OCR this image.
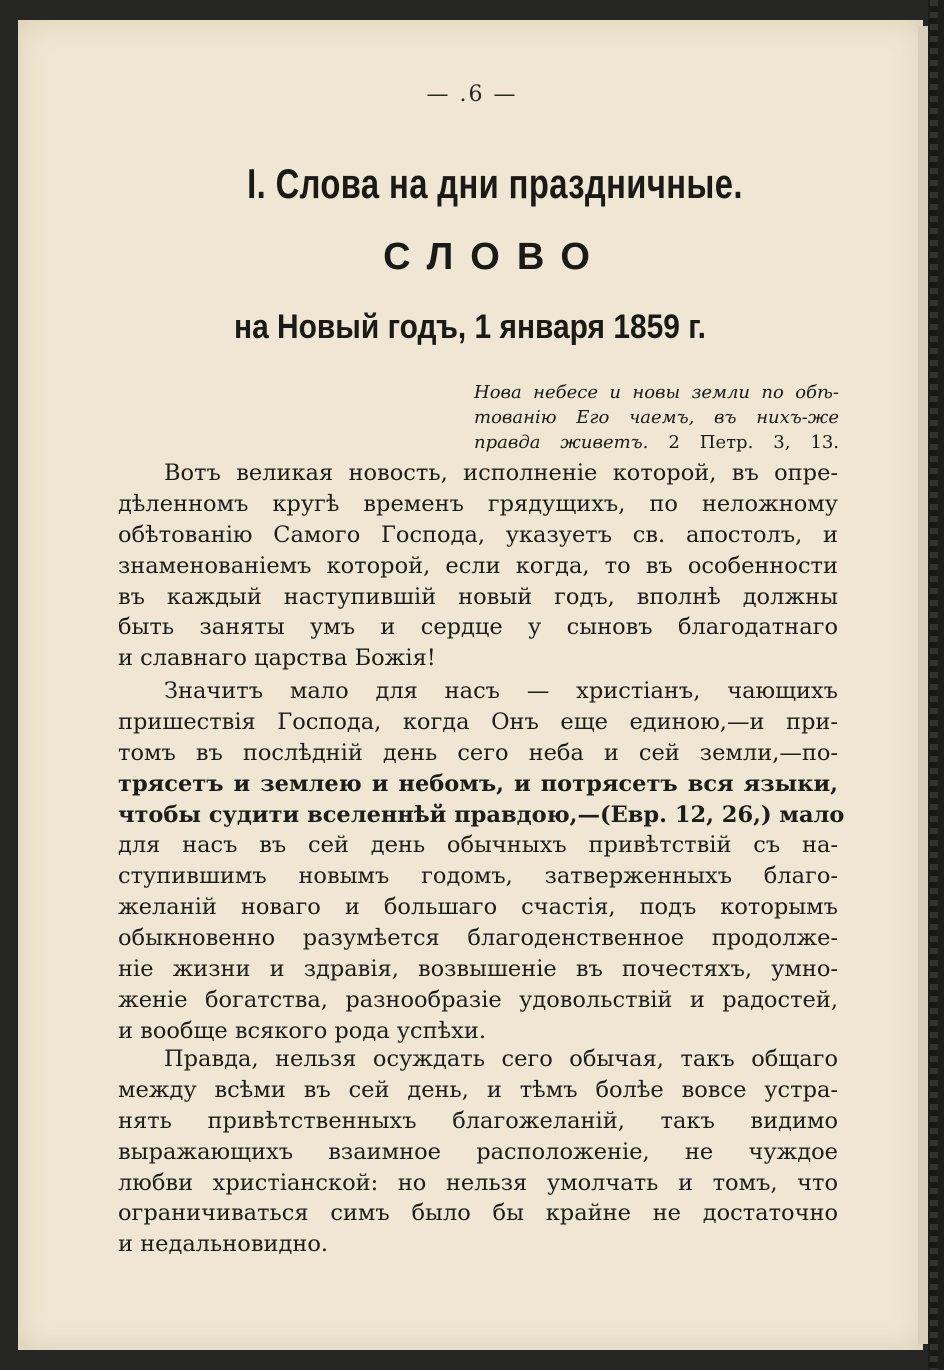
— .6 —
I. Слова на дни праздничные.
СЛОВО
на Новый годъ, 1 января 1859 г.
Нова небесе и новы земли по обѣ-
тованію Его чаемъ, въ нихъ-же
правда живетъ. 2 Петр. 3, 13.
Вотъ великая новость, исполненіе которой, въ опре-
дѣленномъ кругѣ временъ грядущихъ, по неложному
обѣтованію Самого Господа, указуетъ св. апостолъ, и
знаменованіемъ которой, если когда, то въ особенности
въ каждый наступившій новый годъ, вполнѣ должны
быть заняты умъ и сердце у сыновъ благодатнаго
и славнаго царства Божія!
Значитъ мало для насъ — христіанъ, чающихъ
пришествія Господа, когда Онъ еще единою,—и при-
томъ въ послѣдній день сего неба и сей земли,—по-
трясетъ и землею и небомъ, и потрясетъ вся языки,
чтобы судити вселеннѣй правдою,—(Евр. 12, 26,) мало
для насъ въ сей день обычныхъ привѣтствій съ на-
ступившимъ новымъ годомъ, затверженныхъ благо-
желаній новаго и большаго счастія, подъ которымъ
обыкновенно разумѣется благоденственное продолже-
ніе жизни и здравія, возвышеніе въ почестяхъ, умно-
женіе богатства, разнообразіе удовольствій и радостей,
и вообще всякого рода успѣхи.
Правда, нельзя осуждать сего обычая, такъ общаго
между всѣми въ сей день, и тѣмъ болѣе вовсе устра-
нять привѣтственныхъ благожеланій, такъ видимо
выражающихъ взаимное расположеніе, не чуждое
любви христіанской: но нельзя умолчать и томъ, что
ограничиваться симъ было бы крайне не достаточно
и недальновидно.
